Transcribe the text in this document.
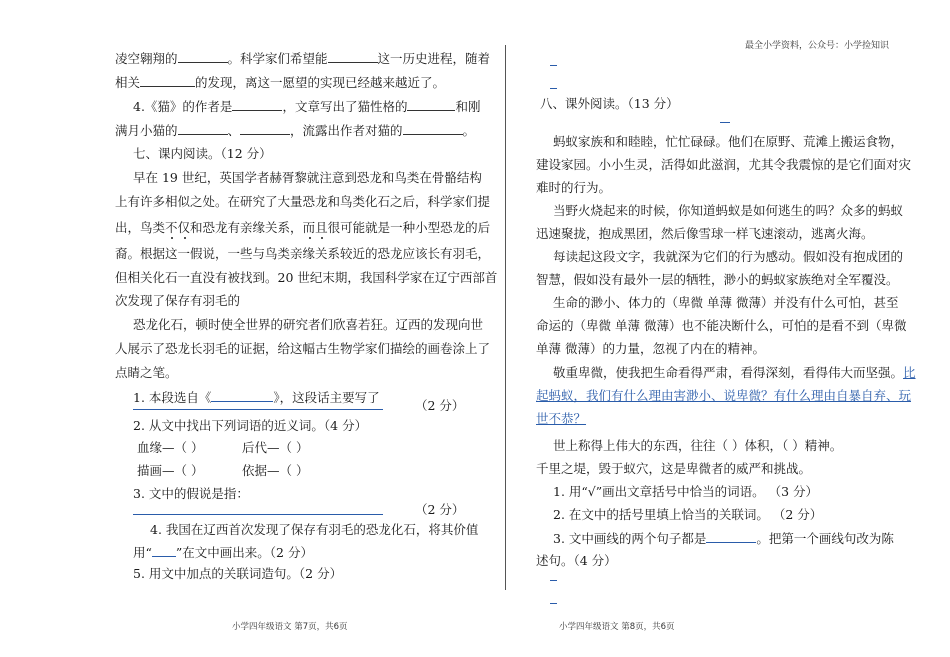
凌空翱翔的	。科学家们希望能	这一历史进程，随着
相关	的发现，离这一愿望的实现已经越来越近了。
4.《猫》的作者是	，文章写出了猫性格的	和刚
满月小猫的	、	，流露出作者对猫的	。
七、课内阅读。（12 分）
早在 19 世纪，英国学者赫胥黎就注意到恐龙和鸟类在骨骼结构
上有许多相似之处。在研究了大量恐龙和鸟类化石之后，科学家们提
出，鸟类不仅和恐龙有亲缘关系，而且很可能就是一种小型恐龙的后
裔。根据这一假说，一些与鸟类亲缘关系较近的恐龙应该长有羽毛，
但相关化石一直没有被找到。20 世纪末期，我国科学家在辽宁西部首
次发现了保存有羽毛的
恐龙化石，顿时使全世界的研究者们欣喜若狂。辽西的发现向世
人展示了恐龙长羽毛的证据，给这幅古生物学家们描绘的画卷涂上了
点睛之笔。
1. 本段选自《	》，这段话主要写了
（2 分）
2. 从文中找出下列词语的近义词。（4 分）
血缘—（ ）	后代—（ ）
描画—（ ）	依据—（ ）
3. 文中的假说是指：
（2 分）
4. 我国在辽西首次发现了保存有羽毛的恐龙化石，将其价值
用“ ”在文中画出来。（2 分）
5. 用文中加点的关联词造句。（2 分）
小学四年级语文 第7页，共6页
最全小学资料，公众号：小学捡知识
八、课外阅读。（13 分）
蚂蚁家族和和睦睦，忙忙碌碌。他们在原野、荒滩上搬运食物，
建设家园。小小生灵，活得如此滋润，尤其令我震惊的是它们面对灾
难时的行为。
当野火烧起来的时候，你知道蚂蚁是如何逃生的吗？众多的蚂蚁
迅速聚拢，抱成黑团，然后像雪球一样飞速滚动，逃离火海。
每读起这段文字，我就深为它们的行为感动。假如没有抱成团的
智慧，假如没有最外一层的牺牲，渺小的蚂蚁家族绝对全军覆没。
生命的渺小、体力的（卑微 单薄 微薄）并没有什么可怕，甚至
命运的（卑微 单薄 微薄）也不能决断什么，可怕的是看不到（卑微
单薄 微薄）的力量，忽视了内在的精神。
敬重卑微，使我把生命看得严肃，看得深刻，看得伟大而坚强。比
起蚂蚁，我们有什么理由害渺小、说卑微？有什么理由自暴自弃、玩
世不恭？
世上称得上伟大的东西，往往（ ）体积，（ ）精神。
千里之堤，毁于蚁穴，这是卑微者的威严和挑战。
1. 用“√”画出文章括号中恰当的词语。 （3 分）
2. 在文中的括号里填上恰当的关联词。 （2 分）
3. 文中画线的两个句子都是	。把第一个画线句改为陈
述句。（4 分）
小学四年级语文 第8页，共6页
